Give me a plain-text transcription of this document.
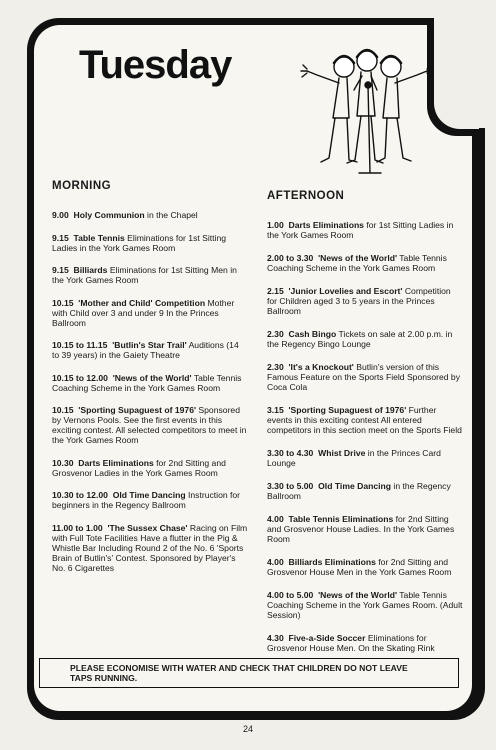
Tuesday

MORNING

9.00 Holy Communion in the Chapel

9.15 Table Tennis Eliminations for 1st Sitting Ladies in the York Games Room

9.15 Billiards Eliminations for 1st Sitting Men in the York Games Room

10.15 'Mother and Child' Competition Mother with Child over 3 and under 9 In the Princes Ballroom

10.15 to 11.15 'Butlin's Star Trail' Auditions (14 to 39 years) in the Gaiety Theatre

10.15 to 12.00 'News of the World' Table Tennis Coaching Scheme in the York Games Room

10.15 'Sporting Supaguest of 1976' Sponsored by Vernons Pools. See the first events in this exciting contest. All selected competitors to meet in the York Games Room

10.30 Darts Eliminations for 2nd Sitting and Grosvenor Ladies in the York Games Room

10.30 to 12.00 Old Time Dancing Instruction for beginners in the Regency Ballroom

11.00 to 1.00 'The Sussex Chase' Racing on Film with Full Tote Facilities Have a flutter in the Pig & Whistle Bar Including Round 2 of the No. 6 'Sports Brain of Butlin's' Contest. Sponsored by Player's No. 6 Cigarettes

AFTERNOON

1.00 Darts Eliminations for 1st Sitting Ladies in the York Games Room

2.00 to 3.30 'News of the World' Table Tennis Coaching Scheme in the York Games Room

2.15 'Junior Lovelies and Escort' Competition for Children aged 3 to 5 years in the Princes Ballroom

2.30 Cash Bingo Tickets on sale at 2.00 p.m. in the Regency Bingo Lounge

2.30 'It's a Knockout' Butlin's version of this Famous Feature on the Sports Field Sponsored by Coca Cola

3.15 'Sporting Supaguest of 1976' Further events in this exciting contest All entered competitors in this section meet on the Sports Field

3.30 to 4.30 Whist Drive in the Princes Card Lounge

3.30 to 5.00 Old Time Dancing in the Regency Ballroom

4.00 Table Tennis Eliminations for 2nd Sitting and Grosvenor House Ladies. In the York Games Room

4.00 Billiards Eliminations for 2nd Sitting and Grosvenor House Men in the York Games Room

4.00 to 5.00 'News of the World' Table Tennis Coaching Scheme in the York Games Room. (Adult Session)

4.30 Five-a-Side Soccer Eliminations for Grosvenor House Men. On the Skating Rink

PLEASE ECONOMISE WITH WATER AND CHECK THAT CHILDREN DO NOT LEAVE TAPS RUNNING.
24
